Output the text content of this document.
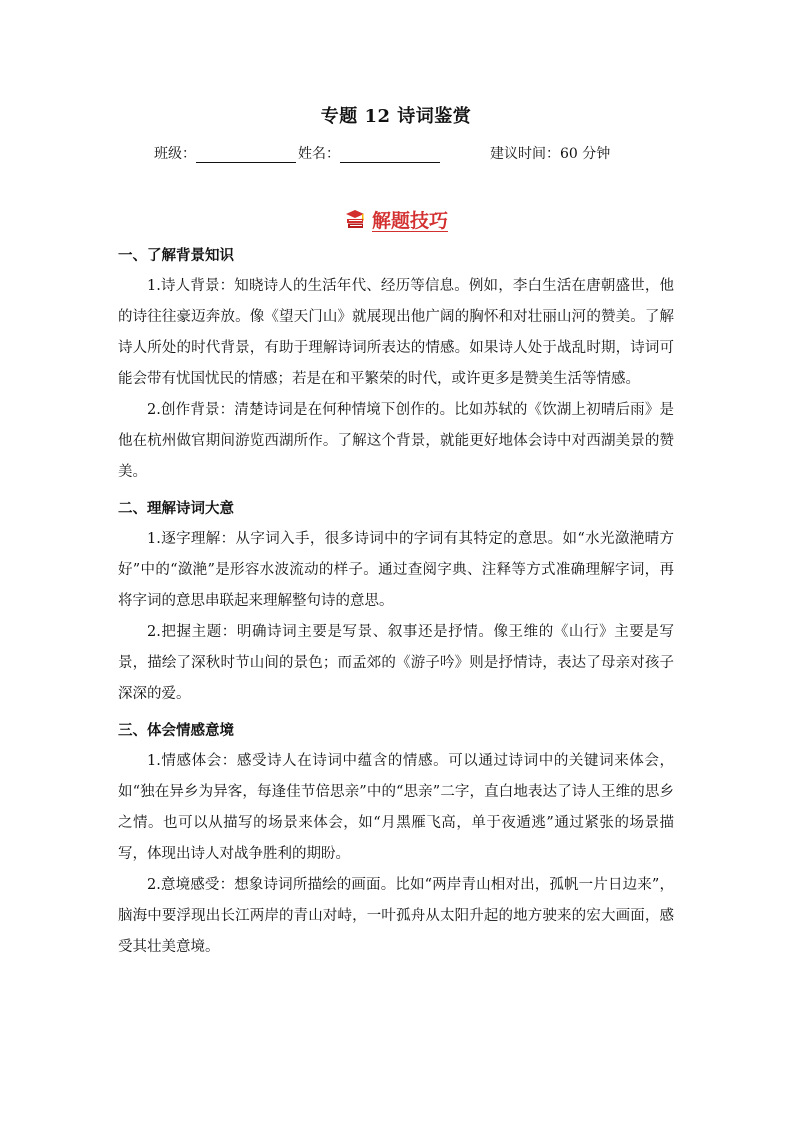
专题 12 诗词鉴赏
班级：	姓名：	建议时间：60 分钟
解题技巧
一、了解背景知识
1.诗人背景：知晓诗人的生活年代、经历等信息。例如，李白生活在唐朝盛世，他的诗往往豪迈奔放。像《望天门山》就展现出他广阔的胸怀和对壮丽山河的赞美。了解诗人所处的时代背景，有助于理解诗词所表达的情感。如果诗人处于战乱时期，诗词可能会带有忧国忧民的情感；若是在和平繁荣的时代，或许更多是赞美生活等情感。
2.创作背景：清楚诗词是在何种情境下创作的。比如苏轼的《饮湖上初晴后雨》是他在杭州做官期间游览西湖所作。了解这个背景，就能更好地体会诗中对西湖美景的赞美。
二、理解诗词大意
1.逐字理解：从字词入手，很多诗词中的字词有其特定的意思。如“水光潋滟晴方好”中的“潋滟”是形容水波流动的样子。通过查阅字典、注释等方式准确理解字词，再将字词的意思串联起来理解整句诗的意思。
2.把握主题：明确诗词主要是写景、叙事还是抒情。像王维的《山行》主要是写景，描绘了深秋时节山间的景色；而孟郊的《游子吟》则是抒情诗，表达了母亲对孩子深深的爱。
三、体会情感意境
1.情感体会：感受诗人在诗词中蕴含的情感。可以通过诗词中的关键词来体会，如“独在异乡为异客，每逢佳节倍思亲”中的“思亲”二字，直白地表达了诗人王维的思乡之情。也可以从描写的场景来体会，如“月黑雁飞高，单于夜遁逃”通过紧张的场景描写，体现出诗人对战争胜利的期盼。
2.意境感受：想象诗词所描绘的画面。比如“两岸青山相对出，孤帆一片日边来”，脑海中要浮现出长江两岸的青山对峙，一叶孤舟从太阳升起的地方驶来的宏大画面，感受其壮美意境。
